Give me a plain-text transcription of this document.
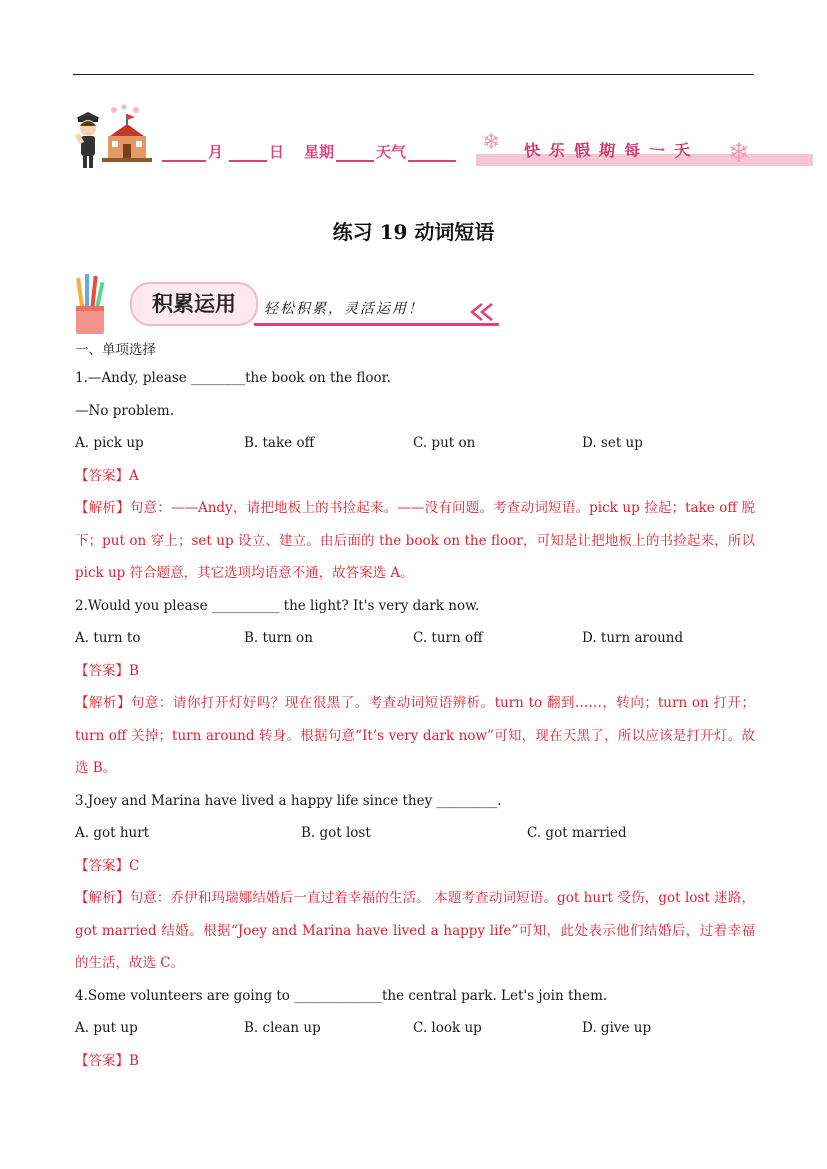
月	日 星期	天气	❄ 快 乐 假 期 每 一 天 ❄
练习 19 动词短语
积累运用	轻松积累，灵活运用！

一、单项选择

1.—Andy, please ________the book on the floor.

—No problem.

A. pick up	B. take off	C. put on	D. set up

【答案】A

【解析】句意：——Andy，请把地板上的书捡起来。——没有问题。考查动词短语。pick up 捡起；take off 脱下；put on 穿上；set up 设立、建立。由后面的 the book on the floor，可知是让把地板上的书捡起来，所以 pick up 符合题意，其它选项均语意不通，故答案选 A。

2.Would you please __________ the light? It's very dark now.

A. turn to	B. turn on	C. turn off	D. turn around

【答案】B

【解析】句意：请你打开灯好吗？现在很黑了。考查动词短语辨析。turn to 翻到……，转向；turn on 打开；turn off 关掉；turn around 转身。根据句意“It’s very dark now”可知，现在天黑了，所以应该是打开灯。故选 B。

3.Joey and Marina have lived a happy life since they _________.

A. got hurt	B. got lost	C. got married

【答案】C

【解析】句意：乔伊和玛瑞娜结婚后一直过着幸福的生活。 本题考查动词短语。got hurt 受伤，got lost 迷路，got married 结婚。根据“Joey and Marina have lived a happy life”可知，此处表示他们结婚后，过着幸福的生活，故选 C。

4.Some volunteers are going to _____________the central park. Let's join them.

A. put up	B. clean up	C. look up	D. give up

【答案】B
